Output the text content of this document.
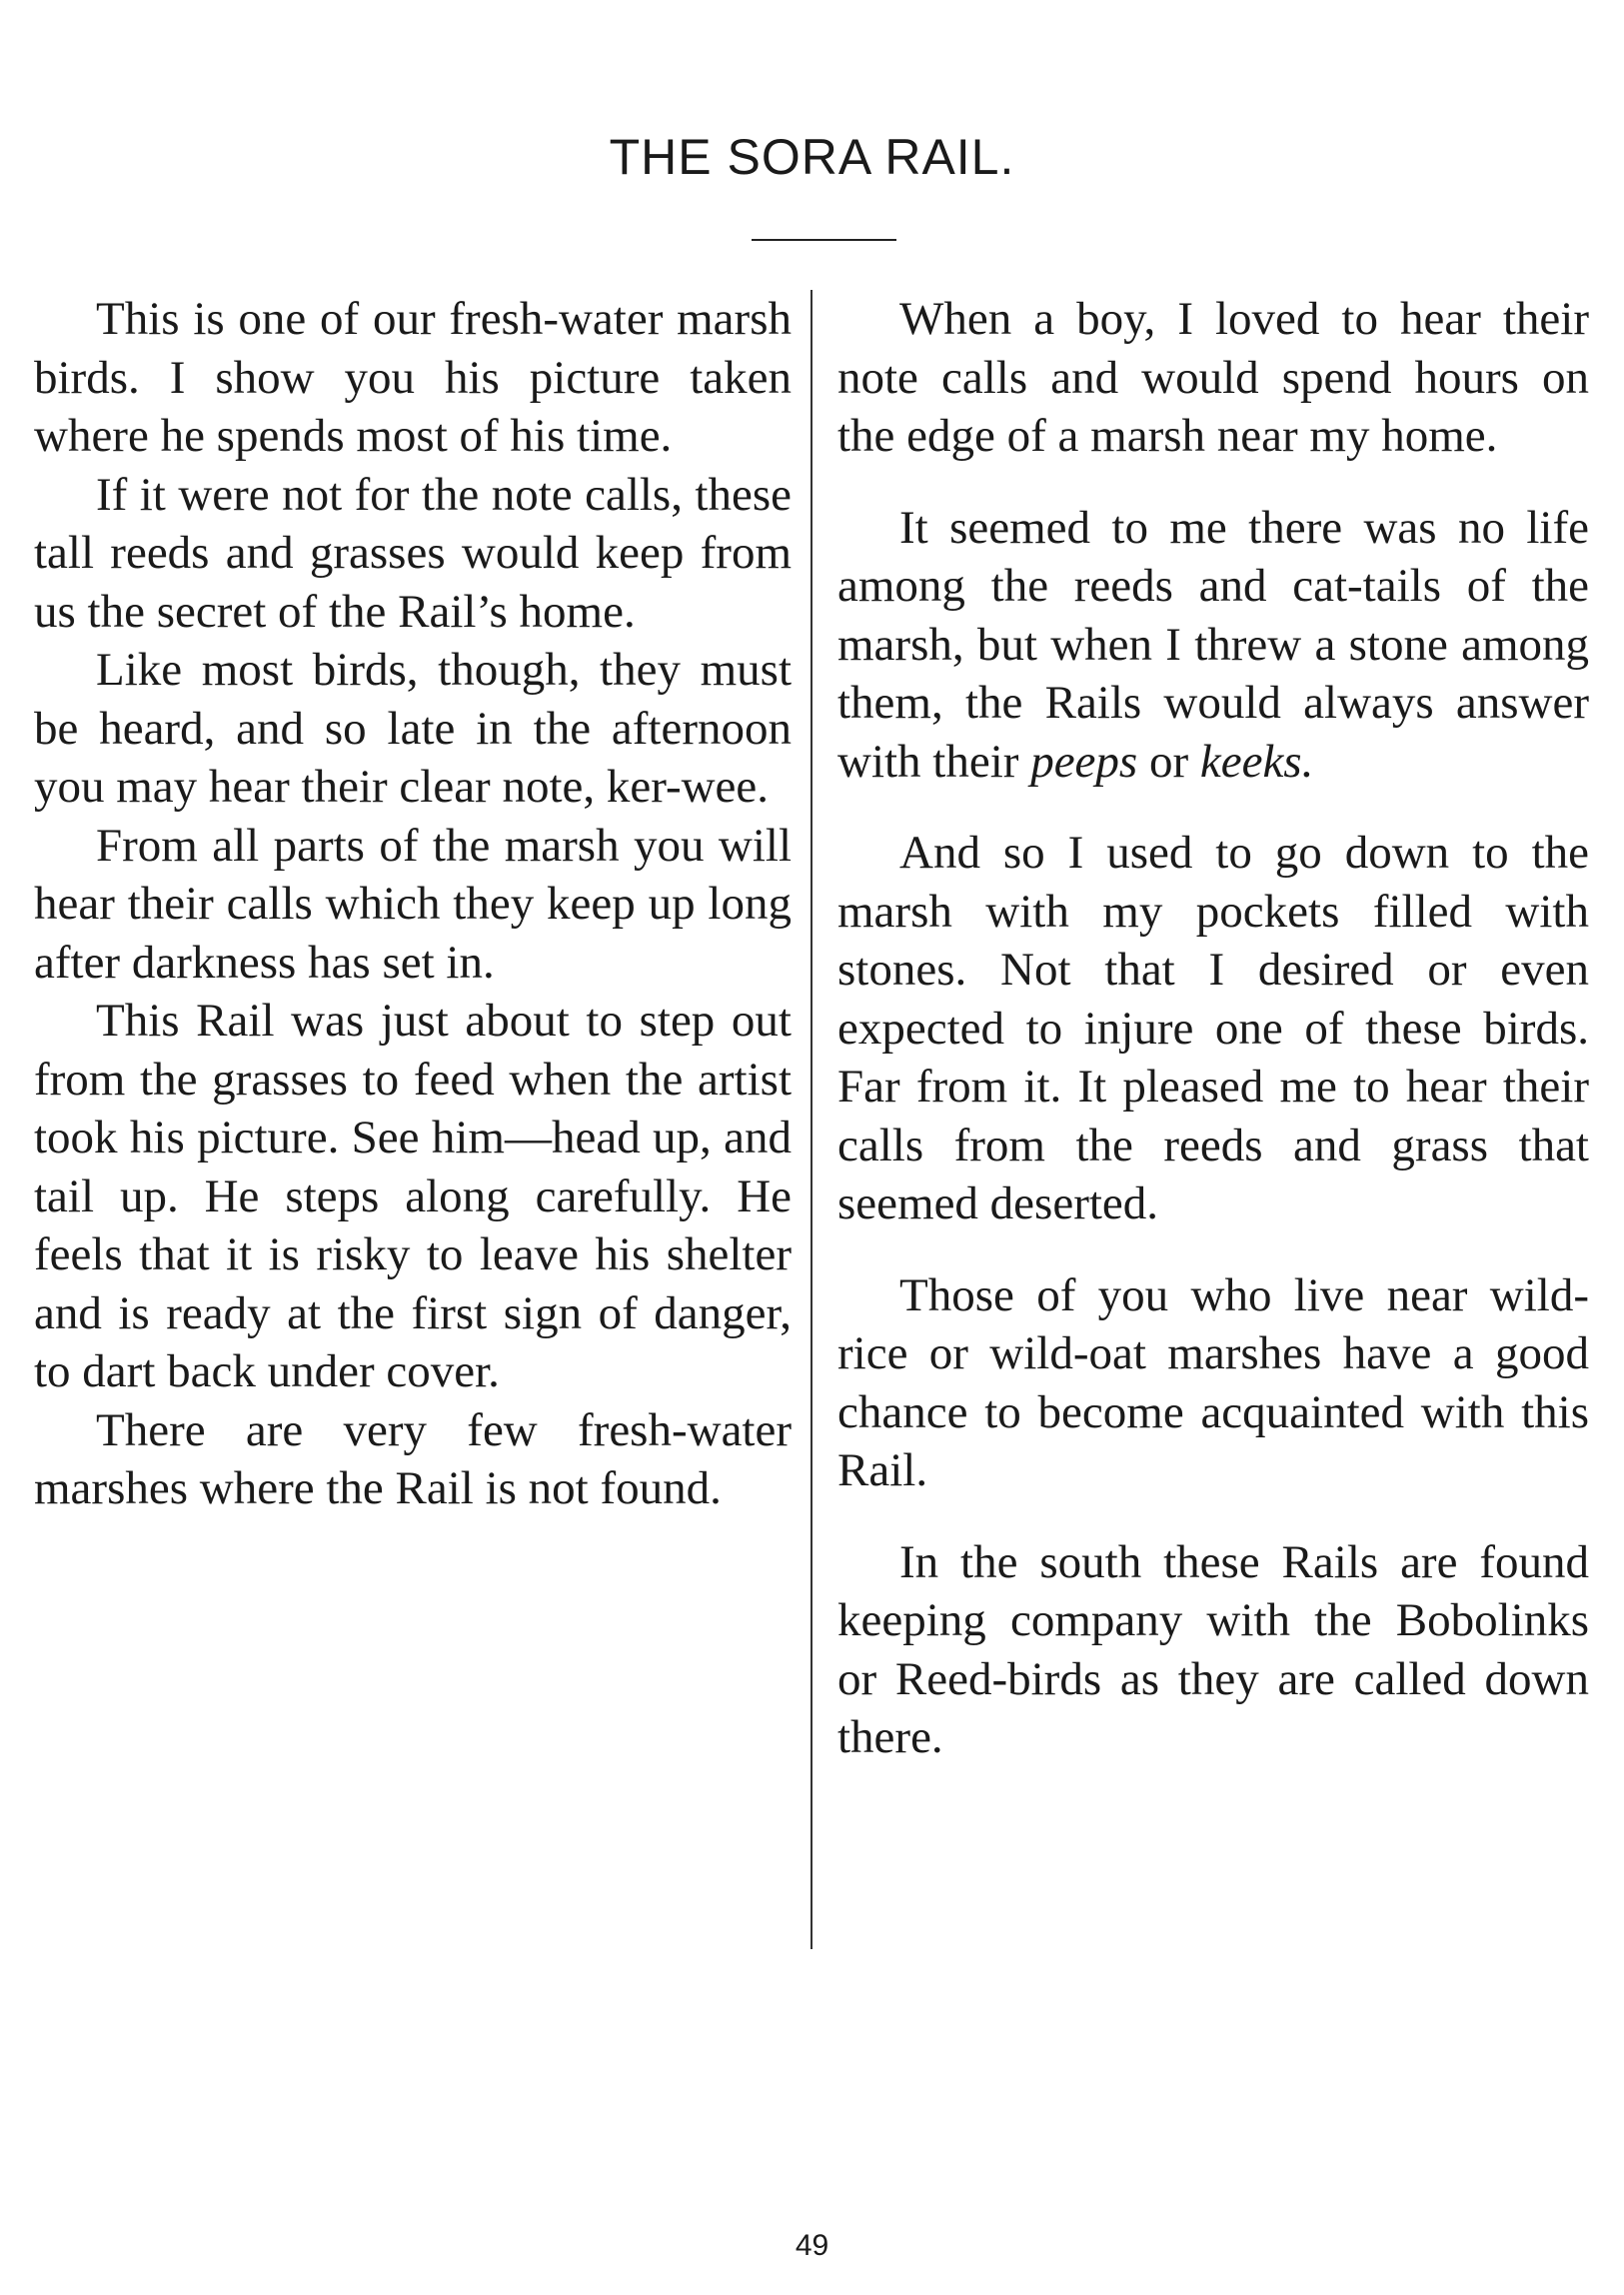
THE SORA RAIL.

This is one of our fresh-water marsh birds. I show you his picture taken where he spends most of his time.

If it were not for the note calls, these tall reeds and grasses would keep from us the secret of the Rail’s home.

Like most birds, though, they must be heard, and so late in the afternoon you may hear their clear note, ker-wee.

From all parts of the marsh you will hear their calls which they keep up long after darkness has set in.

This Rail was just about to step out from the grasses to feed when the artist took his picture. See him—head up, and tail up. He steps along carefully. He feels that it is risky to leave his shelter and is ready at the first sign of danger, to dart back under cover.

There are very few fresh-water marshes where the Rail is not found.

When a boy, I loved to hear their note calls and would spend hours on the edge of a marsh near my home.

It seemed to me there was no life among the reeds and cat-tails of the marsh, but when I threw a stone among them, the Rails would always answer with their peeps or keeks.

And so I used to go down to the marsh with my pockets filled with stones. Not that I desired or even expected to injure one of these birds. Far from it. It pleased me to hear their calls from the reeds and grass that seemed deserted.

Those of you who live near wild-rice or wild-oat marshes have a good chance to become acquainted with this Rail.

In the south these Rails are found keeping company with the Bobolinks or Reed-birds as they are called down there.

49
